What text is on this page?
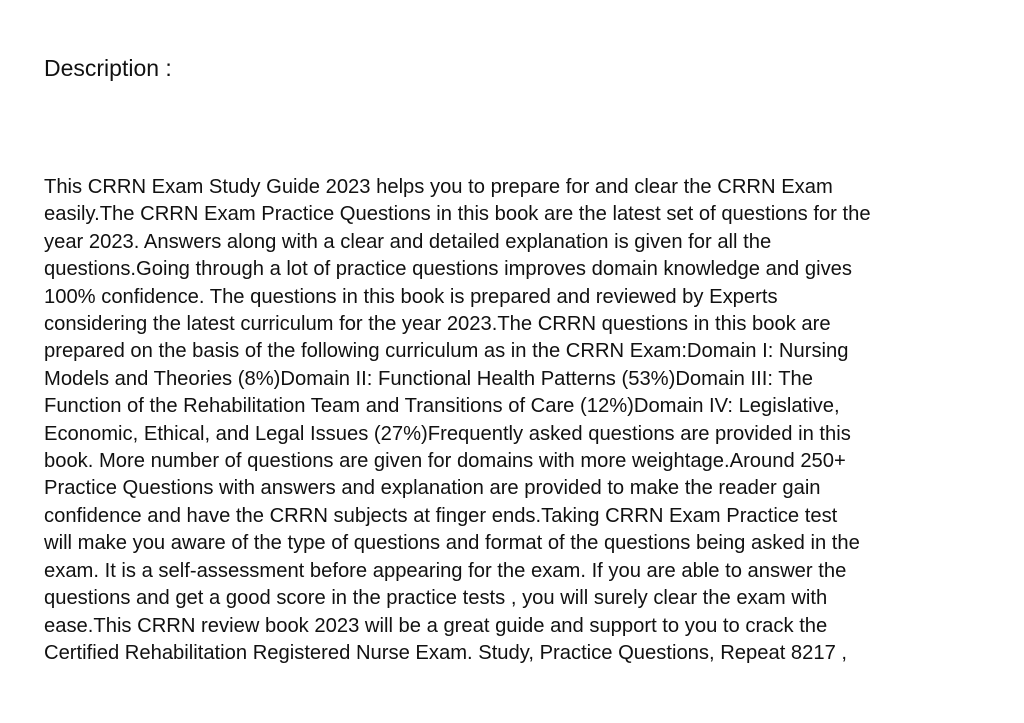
Description :
This CRRN Exam Study Guide 2023 helps you to prepare for and clear the CRRN Exam
easily.The CRRN Exam Practice Questions in this book are the latest set of questions for the
year 2023. Answers along with a clear and detailed explanation is given for all the
questions.Going through a lot of practice questions improves domain knowledge and gives
100% confidence. The questions in this book is prepared and reviewed by Experts
considering the latest curriculum for the year 2023.The CRRN questions in this book are
prepared on the basis of the following curriculum as in the CRRN Exam:Domain I: Nursing
Models and Theories (8%)Domain II: Functional Health Patterns (53%)Domain III: The
Function of the Rehabilitation Team and Transitions of Care (12%)Domain IV: Legislative,
Economic, Ethical, and Legal Issues (27%)Frequently asked questions are provided in this
book. More number of questions are given for domains with more weightage.Around 250+
Practice Questions with answers and explanation are provided to make the reader gain
confidence and have the CRRN subjects at finger ends.Taking CRRN Exam Practice test
will make you aware of the type of questions and format of the questions being asked in the
exam. It is a self-assessment before appearing for the exam. If you are able to answer the
questions and get a good score in the practice tests , you will surely clear the exam with
ease.This CRRN review book 2023 will be a great guide and support to you to crack the
Certified Rehabilitation Registered Nurse Exam. Study, Practice Questions, Repeat 8217 ,
